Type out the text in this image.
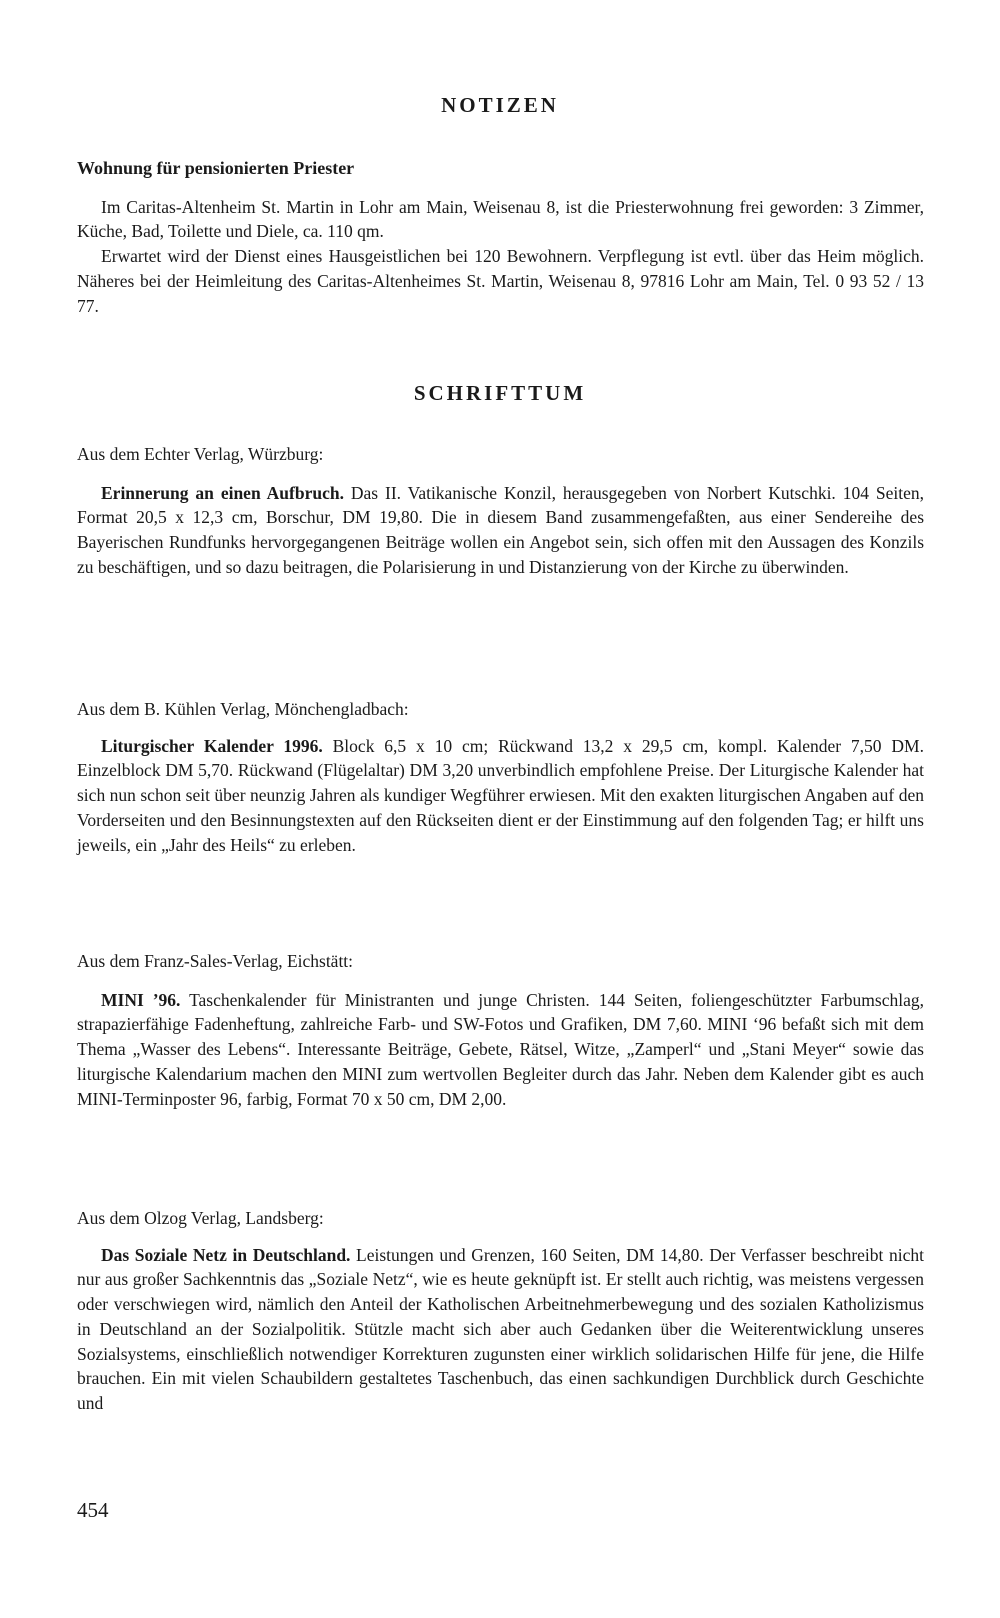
NOTIZEN
Wohnung für pensionierten Priester

Im Caritas-Altenheim St. Martin in Lohr am Main, Weisenau 8, ist die Priesterwohnung frei geworden: 3 Zimmer, Küche, Bad, Toilette und Diele, ca. 110 qm.

Erwartet wird der Dienst eines Hausgeistlichen bei 120 Bewohnern. Verpflegung ist evtl. über das Heim möglich. Näheres bei der Heimleitung des Caritas-Altenheimes St. Martin, Weisenau 8, 97816 Lohr am Main, Tel. 0 93 52 / 13 77.

SCHRIFTTUM

Aus dem Echter Verlag, Würzburg:

Erinnerung an einen Aufbruch. Das II. Vatikanische Konzil, herausgegeben von Norbert Kutschki. 104 Seiten, Format 20,5 x 12,3 cm, Borschur, DM 19,80. Die in diesem Band zusammengefaßten, aus einer Sendereihe des Bayerischen Rundfunks hervorgegangenen Beiträge wollen ein Angebot sein, sich offen mit den Aussagen des Konzils zu beschäftigen, und so dazu beitragen, die Polarisierung in und Distanzierung von der Kirche zu überwinden.

Aus dem B. Kühlen Verlag, Mönchengladbach:

Liturgischer Kalender 1996. Block 6,5 x 10 cm; Rückwand 13,2 x 29,5 cm, kompl. Kalender 7,50 DM. Einzelblock DM 5,70. Rückwand (Flügelaltar) DM 3,20 unverbindlich empfohlene Preise. Der Liturgische Kalender hat sich nun schon seit über neunzig Jahren als kundiger Wegführer erwiesen. Mit den exakten liturgischen Angaben auf den Vorderseiten und den Besinnungstexten auf den Rückseiten dient er der Einstimmung auf den folgenden Tag; er hilft uns jeweils, ein „Jahr des Heils“ zu erleben.

Aus dem Franz-Sales-Verlag, Eichstätt:

MINI ’96. Taschenkalender für Ministranten und junge Christen. 144 Seiten, foliengeschützter Farbumschlag, strapazierfähige Fadenheftung, zahlreiche Farb- und SW-Fotos und Grafiken, DM 7,60. MINI ‘96 befaßt sich mit dem Thema „Wasser des Lebens“. Interessante Beiträge, Gebete, Rätsel, Witze, „Zamperl“ und „Stani Meyer“ sowie das liturgische Kalendarium machen den MINI zum wertvollen Begleiter durch das Jahr. Neben dem Kalender gibt es auch MINI-Terminposter 96, farbig, Format 70 x 50 cm, DM 2,00.

Aus dem Olzog Verlag, Landsberg:

Das Soziale Netz in Deutschland. Leistungen und Grenzen, 160 Seiten, DM 14,80. Der Verfasser beschreibt nicht nur aus großer Sachkenntnis das „Soziale Netz“, wie es heute geknüpft ist. Er stellt auch richtig, was meistens vergessen oder verschwiegen wird, nämlich den Anteil der Katholischen Arbeitnehmerbewegung und des sozialen Katholizismus in Deutschland an der Sozialpolitik. Stützle macht sich aber auch Gedanken über die Weiterentwicklung unseres Sozialsystems, einschließlich notwendiger Korrekturen zugunsten einer wirklich solidarischen Hilfe für jene, die Hilfe brauchen. Ein mit vielen Schaubildern gestaltetes Taschenbuch, das einen sachkundigen Durchblick durch Geschichte und

454
